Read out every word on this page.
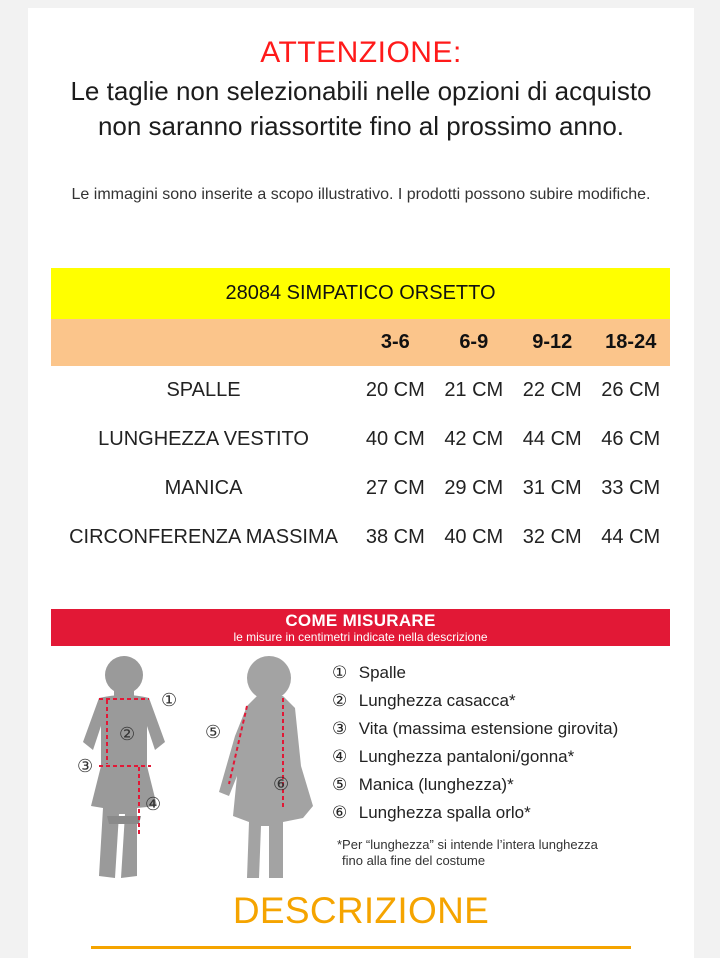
ATTENZIONE:
Le taglie non selezionabili nelle opzioni di acquisto non saranno riassortite fino al prossimo anno.
Le immagini sono inserite a scopo illustrativo. I prodotti possono subire modifiche.
28084 SIMPATICO ORSETTO				
	3-6	6-9	9-12	18-24
SPALLE	20 CM	21 CM	22 CM	26 CM
LUNGHEZZA VESTITO	40 CM	42 CM	44 CM	46 CM
MANICA	27 CM	29 CM	31 CM	33 CM
CIRCONFERENZA MASSIMA	38 CM	40 CM	32 CM	44 CM
COME MISURARE
le misure in centimetri indicate nella descrizione
①
②
③
④
⑤
⑥
① Spalle
② Lunghezza casacca*
③ Vita (massima estensione girovita)
④ Lunghezza pantaloni/gonna*
⑤ Manica (lunghezza)*
⑥ Lunghezza spalla orlo*
*Per “lunghezza” si intende l’intera lunghezza
fino alla fine del costume
DESCRIZIONE
